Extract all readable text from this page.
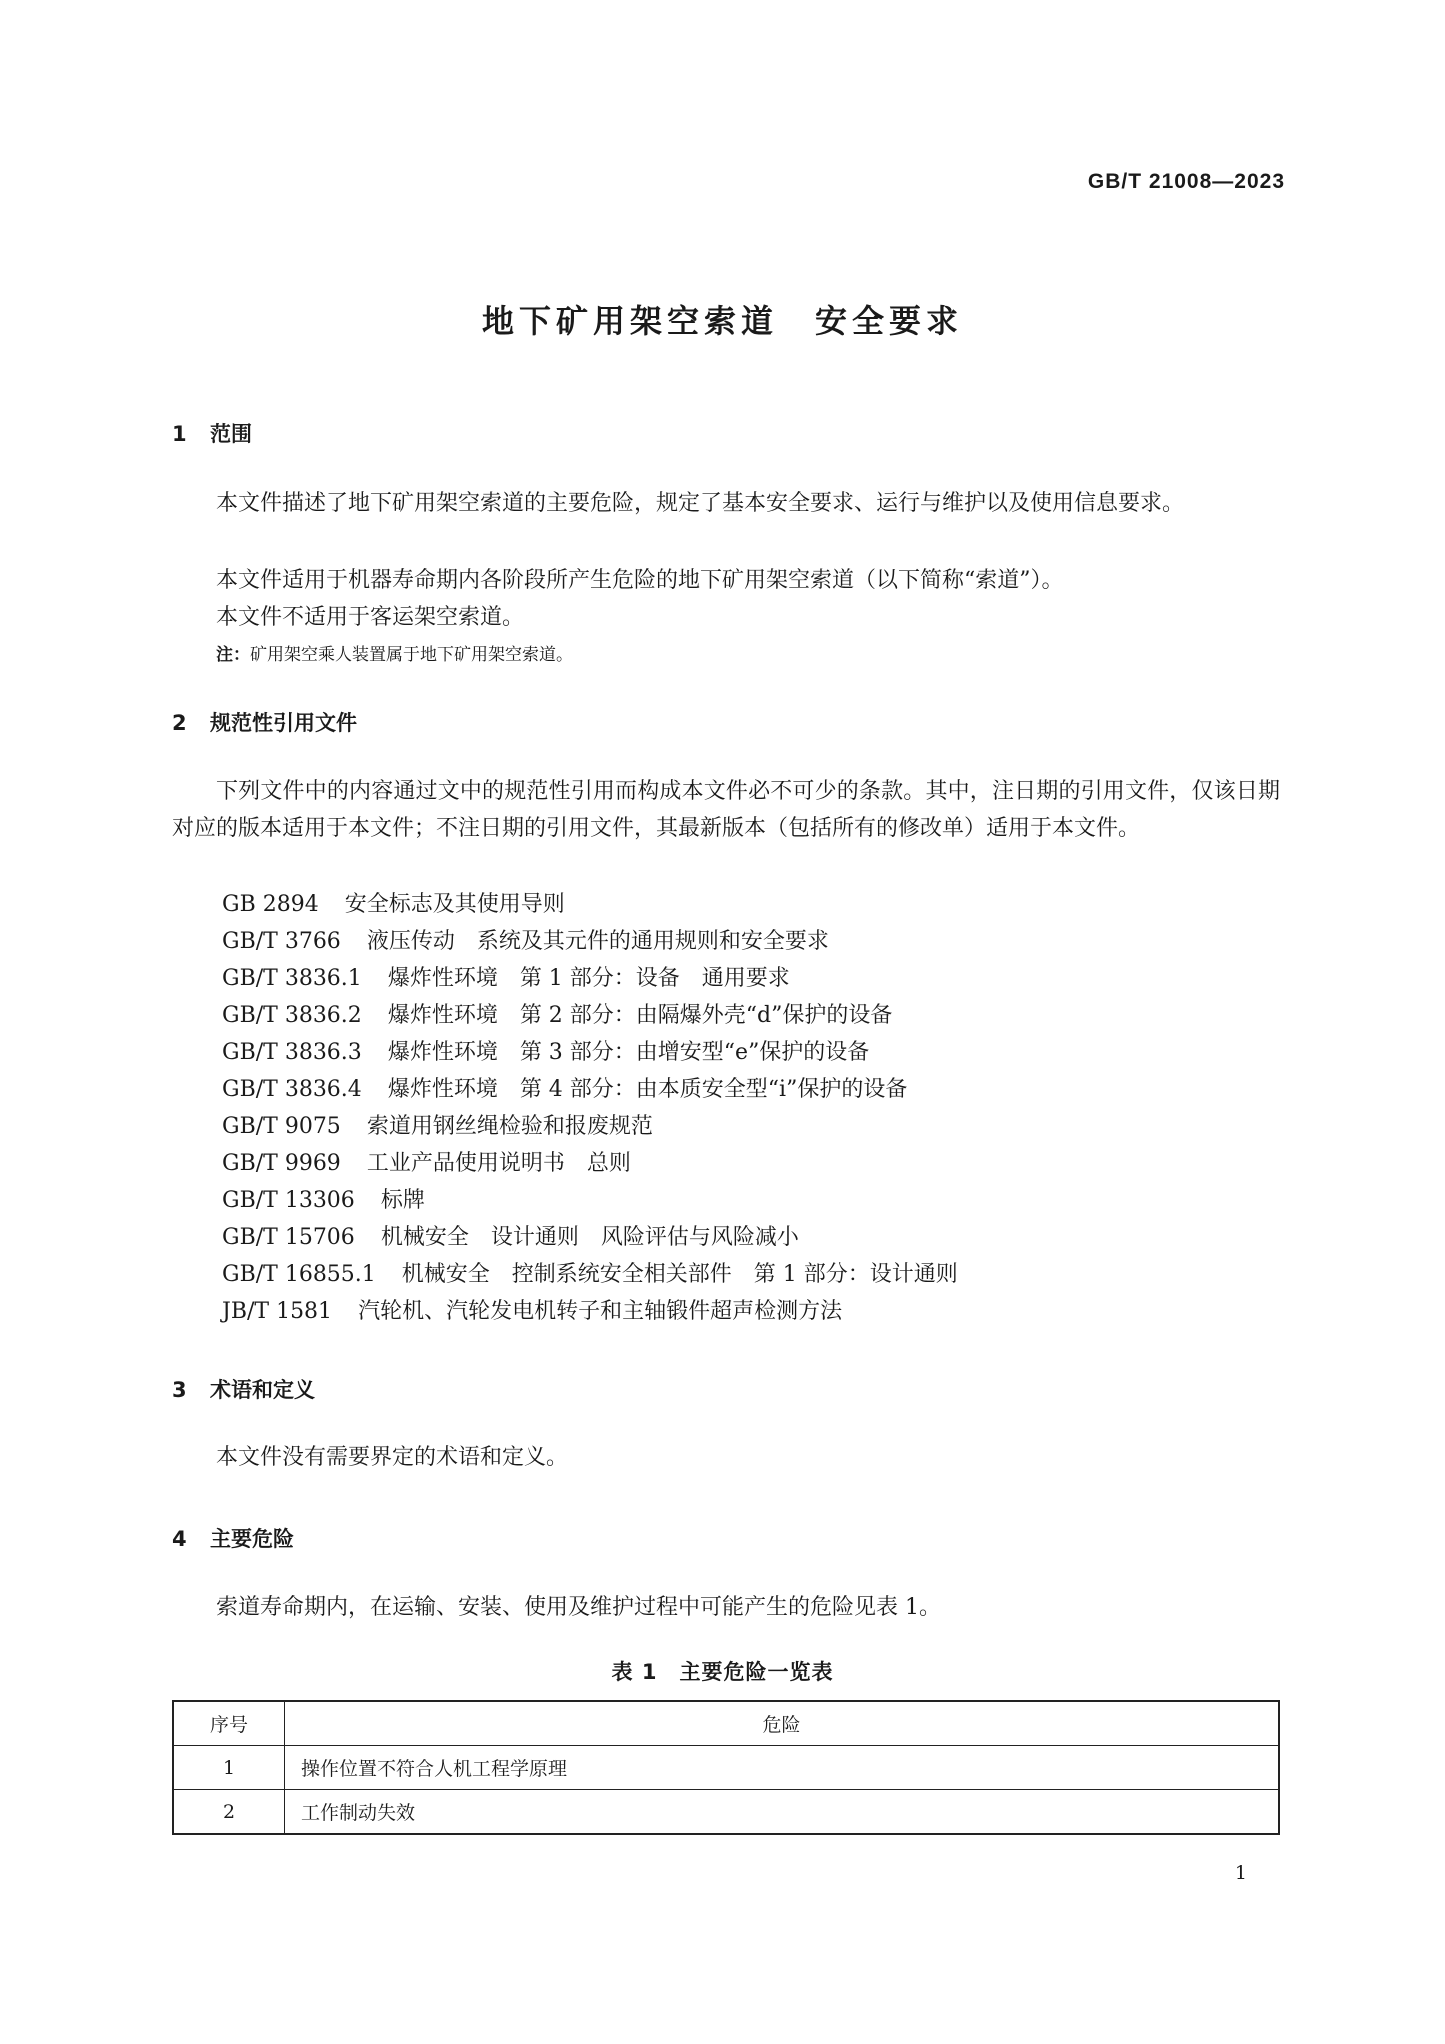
GB/T 21008—2023
地下矿用架空索道　安全要求
1 范围

本文件描述了地下矿用架空索道的主要危险，规定了基本安全要求、运行与维护以及使用信息要求。

本文件适用于机器寿命期内各阶段所产生危险的地下矿用架空索道（以下简称“索道”）。
本文件不适用于客运架空索道。
注：矿用架空乘人装置属于地下矿用架空索道。
2 规范性引用文件

下列文件中的内容通过文中的规范性引用而构成本文件必不可少的条款。其中，注日期的引用文件，仅该日期对应的版本适用于本文件；不注日期的引用文件，其最新版本（包括所有的修改单）适用于本文件。

GB 2894 安全标志及其使用导则
GB/T 3766 液压传动　系统及其元件的通用规则和安全要求
GB/T 3836.1 爆炸性环境　第 1 部分：设备　通用要求
GB/T 3836.2 爆炸性环境　第 2 部分：由隔爆外壳“d”保护的设备
GB/T 3836.3 爆炸性环境　第 3 部分：由增安型“e”保护的设备
GB/T 3836.4 爆炸性环境　第 4 部分：由本质安全型“i”保护的设备
GB/T 9075 索道用钢丝绳检验和报废规范
GB/T 9969 工业产品使用说明书　总则
GB/T 13306 标牌
GB/T 15706 机械安全　设计通则　风险评估与风险减小
GB/T 16855.1 机械安全　控制系统安全相关部件　第 1 部分：设计通则
JB/T 1581 汽轮机、汽轮发电机转子和主轴锻件超声检测方法
3 术语和定义
本文件没有需要界定的术语和定义。
4 主要危险
索道寿命期内，在运输、安装、使用及维护过程中可能产生的危险见表 1。
表 1　主要危险一览表
序号	危险
1	操作位置不符合人机工程学原理
2	工作制动失效
1
